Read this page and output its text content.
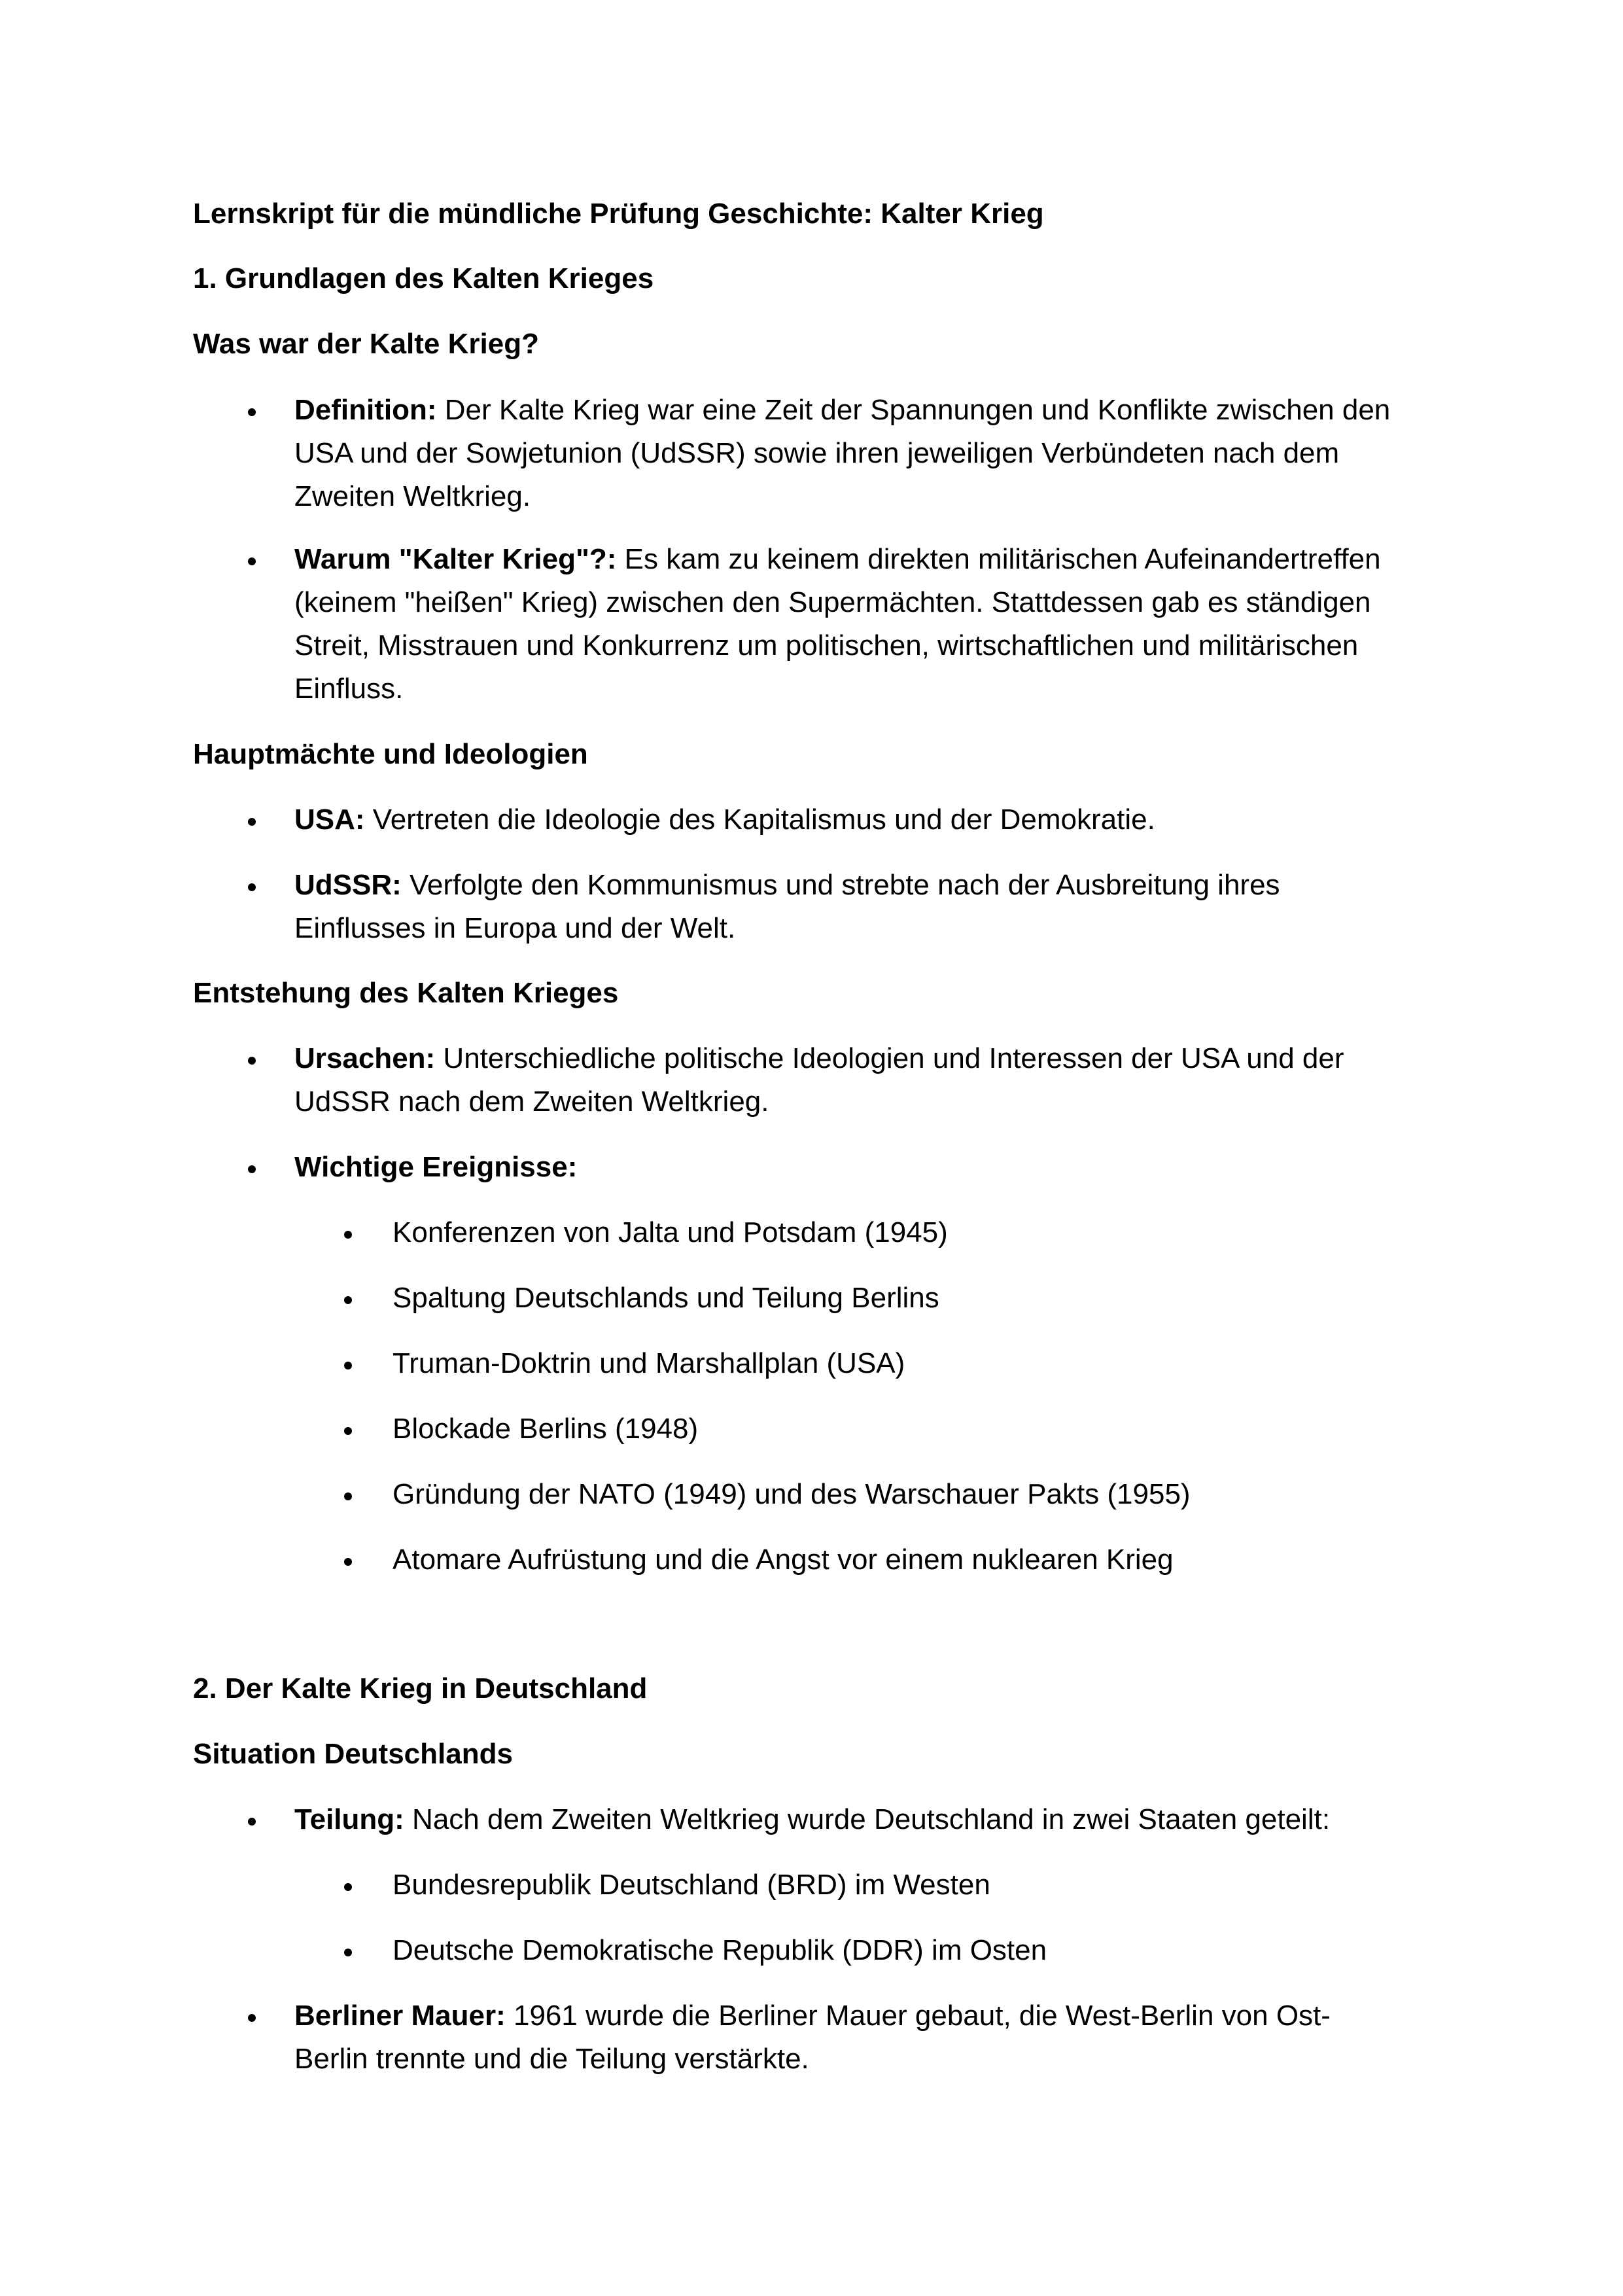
Lernskript für die mündliche Prüfung Geschichte: Kalter Krieg
1. Grundlagen des Kalten Krieges
Was war der Kalte Krieg?
Definition: Der Kalte Krieg war eine Zeit der Spannungen und Konflikte zwischen den
USA und der Sowjetunion (UdSSR) sowie ihren jeweiligen Verbündeten nach dem
Zweiten Weltkrieg.
Warum "Kalter Krieg"?: Es kam zu keinem direkten militärischen Aufeinandertreffen
(keinem "heißen" Krieg) zwischen den Supermächten. Stattdessen gab es ständigen
Streit, Misstrauen und Konkurrenz um politischen, wirtschaftlichen und militärischen
Einfluss.
Hauptmächte und Ideologien
USA: Vertreten die Ideologie des Kapitalismus und der Demokratie.
UdSSR: Verfolgte den Kommunismus und strebte nach der Ausbreitung ihres
Einflusses in Europa und der Welt.
Entstehung des Kalten Krieges
Ursachen: Unterschiedliche politische Ideologien und Interessen der USA und der
UdSSR nach dem Zweiten Weltkrieg.
Wichtige Ereignisse:
Konferenzen von Jalta und Potsdam (1945)
Spaltung Deutschlands und Teilung Berlins
Truman-Doktrin und Marshallplan (USA)
Blockade Berlins (1948)
Gründung der NATO (1949) und des Warschauer Pakts (1955)
Atomare Aufrüstung und die Angst vor einem nuklearen Krieg
2. Der Kalte Krieg in Deutschland
Situation Deutschlands
Teilung: Nach dem Zweiten Weltkrieg wurde Deutschland in zwei Staaten geteilt:
Bundesrepublik Deutschland (BRD) im Westen
Deutsche Demokratische Republik (DDR) im Osten
Berliner Mauer: 1961 wurde die Berliner Mauer gebaut, die West-Berlin von Ost-
Berlin trennte und die Teilung verstärkte.
